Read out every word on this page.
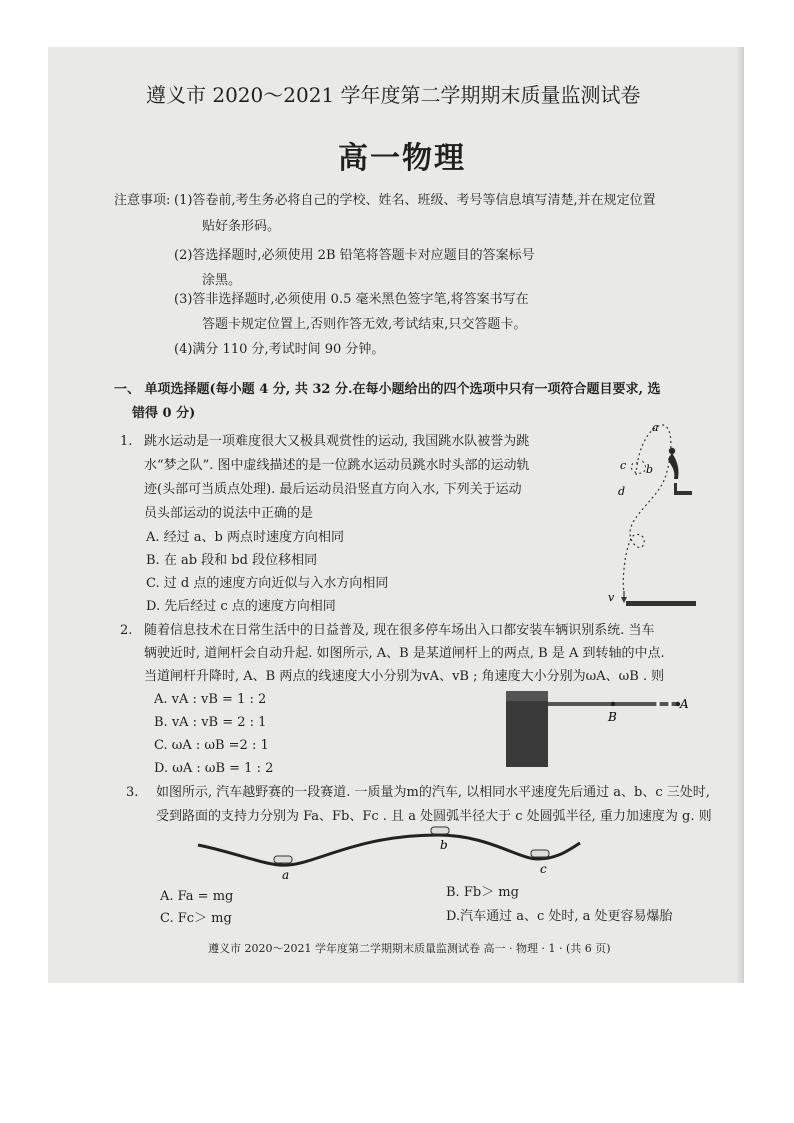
遵义市 2020～2021 学年度第二学期期末质量监测试卷
高一物理
注意事项: (1)答卷前,考生务必将自己的学校、姓名、班级、考号等信息填写清楚,并在规定位置
贴好条形码。
(2)答选择题时,必须使用 2B 铅笔将答题卡对应题目的答案标号
涂黑。
(3)答非选择题时,必须使用 0.5 毫米黑色签字笔,将答案书写在
答题卡规定位置上,否则作答无效,考试结束,只交答题卡。
(4)满分 110 分,考试时间 90 分钟。
一、 单项选择题(每小题 4 分, 共 32 分.在每小题给出的四个选项中只有一项符合题目要求, 选
错得 0 分)
1. 跳水运动是一项难度很大又极具观赏性的运动, 我国跳水队被誉为跳
水“梦之队”. 图中虚线描述的是一位跳水运动员跳水时头部的运动轨
迹(头部可当质点处理). 最后运动员沿竖直方向入水, 下列关于运动
员头部运动的说法中正确的是
A. 经过 a、b 两点时速度方向相同
B. 在 ab 段和 bd 段位移相同
C. 过 d 点的速度方向近似与入水方向相同
D. 先后经过 c 点的速度方向相同
a
c b
d
v
2. 随着信息技术在日常生活中的日益普及, 现在很多停车场出入口都安装车辆识别系统. 当车
辆驶近时, 道闸杆会自动升起. 如图所示, A、B 是某道闸杆上的两点, B 是 A 到转轴的中点.
当道闸杆升降时, A、B 两点的线速度大小分别为vA、vB ; 角速度大小分别为ωA、ωB . 则
A. vA : vB = 1 : 2
B. vA : vB = 2 : 1
C. ωA : ωB =2 : 1
D. ωA : ωB = 1 : 2
A
B
3. 如图所示, 汽车越野赛的一段赛道. 一质量为m的汽车, 以相同水平速度先后通过 a、b、c 三处时,
受到路面的支持力分别为 Fa、Fb、Fc . 且 a 处圆弧半径大于 c 处圆弧半径, 重力加速度为 g. 则
a
b
c
A. Fa = mg	B. Fb＞ mg
C. Fc＞ mg	D.汽车通过 a、c 处时, a 处更容易爆胎
遵义市 2020～2021 学年度第二学期期末质量监测试卷 高一 · 物理 · 1 · (共 6 页)
